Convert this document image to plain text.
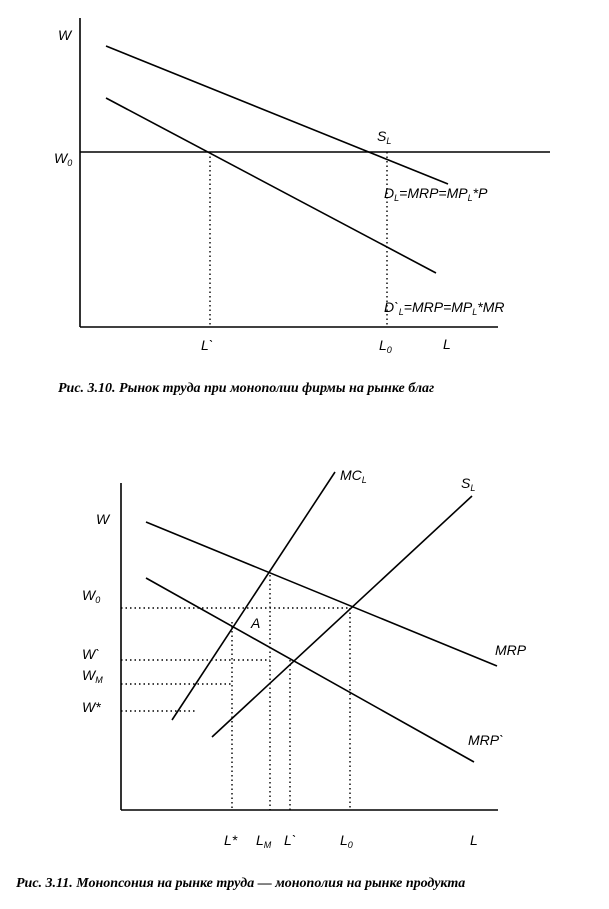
W
L
$W_0$
$S_L$
$D_L=MRP=MP_L*P$
$D`_L=MRP=MP_L*MR$
L`	$L_0$
Рис. 3.10. Рынок труда при монополии фирмы на рынке благ
W
L
$MC_L$	$S_L$
MRP
MRP`
A
$W_0$
W`
$W_M$
W*
L* $L_M$ L`	$L_0$
Рис. 3.11. Монопсония на рынке труда — монополия на рынке продукта
